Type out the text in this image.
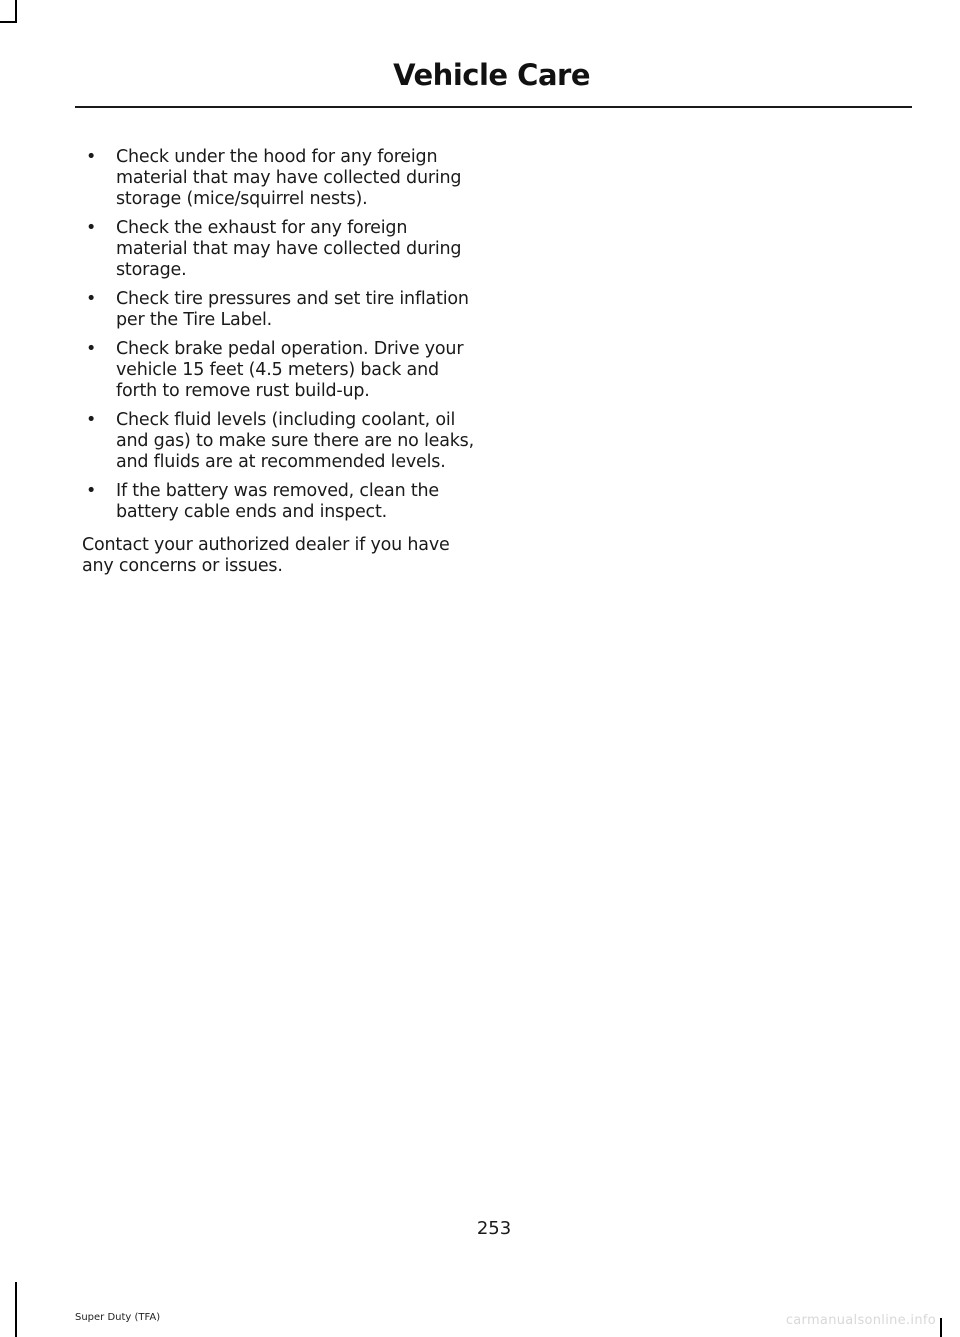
Vehicle Care
• Check under the hood for any foreign material that may have collected during storage (mice/squirrel nests).
• Check the exhaust for any foreign material that may have collected during storage.
• Check tire pressures and set tire inflation per the Tire Label.
• Check brake pedal operation. Drive your vehicle 15 feet (4.5 meters) back and forth to remove rust build-up.
• Check fluid levels (including coolant, oil and gas) to make sure there are no leaks, and fluids are at recommended levels.
• If the battery was removed, clean the battery cable ends and inspect.
Contact your authorized dealer if you have any concerns or issues.
253
Super Duty (TFA)	carmanualsonline.info
